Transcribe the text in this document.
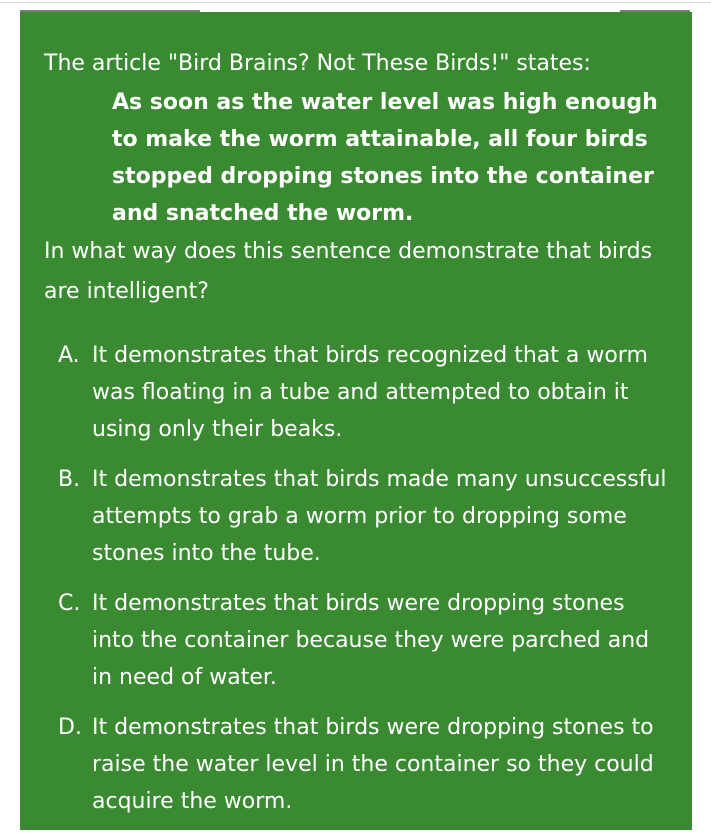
The article "Bird Brains? Not These Birds!" states:
As soon as the water level was high enough to make the worm attainable, all four birds stopped dropping stones into the container and snatched the worm.
In what way does this sentence demonstrate that birds are intelligent?
A. It demonstrates that birds recognized that a worm was floating in a tube and attempted to obtain it using only their beaks.
B. It demonstrates that birds made many unsuccessful attempts to grab a worm prior to dropping some stones into the tube.
C. It demonstrates that birds were dropping stones into the container because they were parched and in need of water.
D. It demonstrates that birds were dropping stones to raise the water level in the container so they could acquire the worm.
